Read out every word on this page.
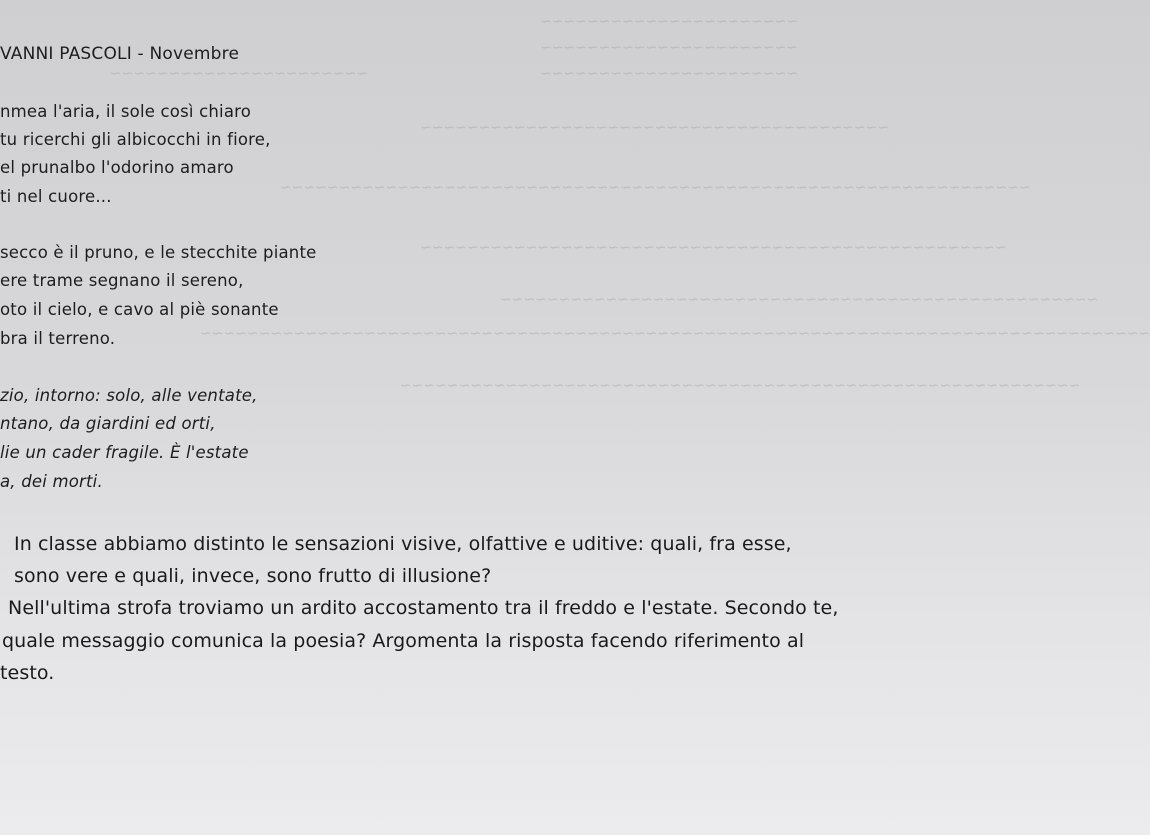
~~~~~~~~~~~~~~~~~~~~~~
~~~~~~~~~~~~~~~~~~~~~~
~~~~~~~~~~~~~~~~~~~~~~
~~~~~~~~~~~~~~~~~~~~~~
~~~~~~~~~~~~~~~~~~~~~~~~~~~~~~~~~~~~~~~~
~~~~~~~~~~~~~~~~~~~~~~~~~~~~~~~~~~~~~~~~~~~~~~~~~~~~~~~~~~~~~~~~
~~~~~~~~~~~~~~~~~~~~~~~~~~~~~~~~~~~~~~~~~~~~~~~~~~
~~~~~~~~~~~~~~~~~~~~~~~~~~~~~~~~~~~~~~~~~~~~~~~~~~~
~~~~~~~~~~~~~~~~~~~~~~~~~~~~~~~~~~~~~~~~~~~~~~~~~~~~~~~~~~~~~~~~~~~~~~~~~~~~~~~~~
~~~~~~~~~~~~~~~~~~~~~~~~~~~~~~~~~~~~~~~~~~~~~~~~~~~~~~~~~~
VANNI PASCOLI - Novembre
nmea l'aria, il sole così chiaro
tu ricerchi gli albicocchi in fiore,
el prunalbo l'odorino amaro
ti nel cuore...
secco è il pruno, e le stecchite piante
ere trame segnano il sereno,
oto il cielo, e cavo al piè sonante
bra il terreno.
zio, intorno: solo, alle ventate,
ntano, da giardini ed orti,
lie un cader fragile. È l'estate
a, dei morti.
In classe abbiamo distinto le sensazioni visive, olfattive e uditive: quali, fra esse,
sono vere e quali, invece, sono frutto di illusione?
Nell'ultima strofa troviamo un ardito accostamento tra il freddo e l'estate. Secondo te,
quale messaggio comunica la poesia? Argomenta la risposta facendo riferimento al
testo.
